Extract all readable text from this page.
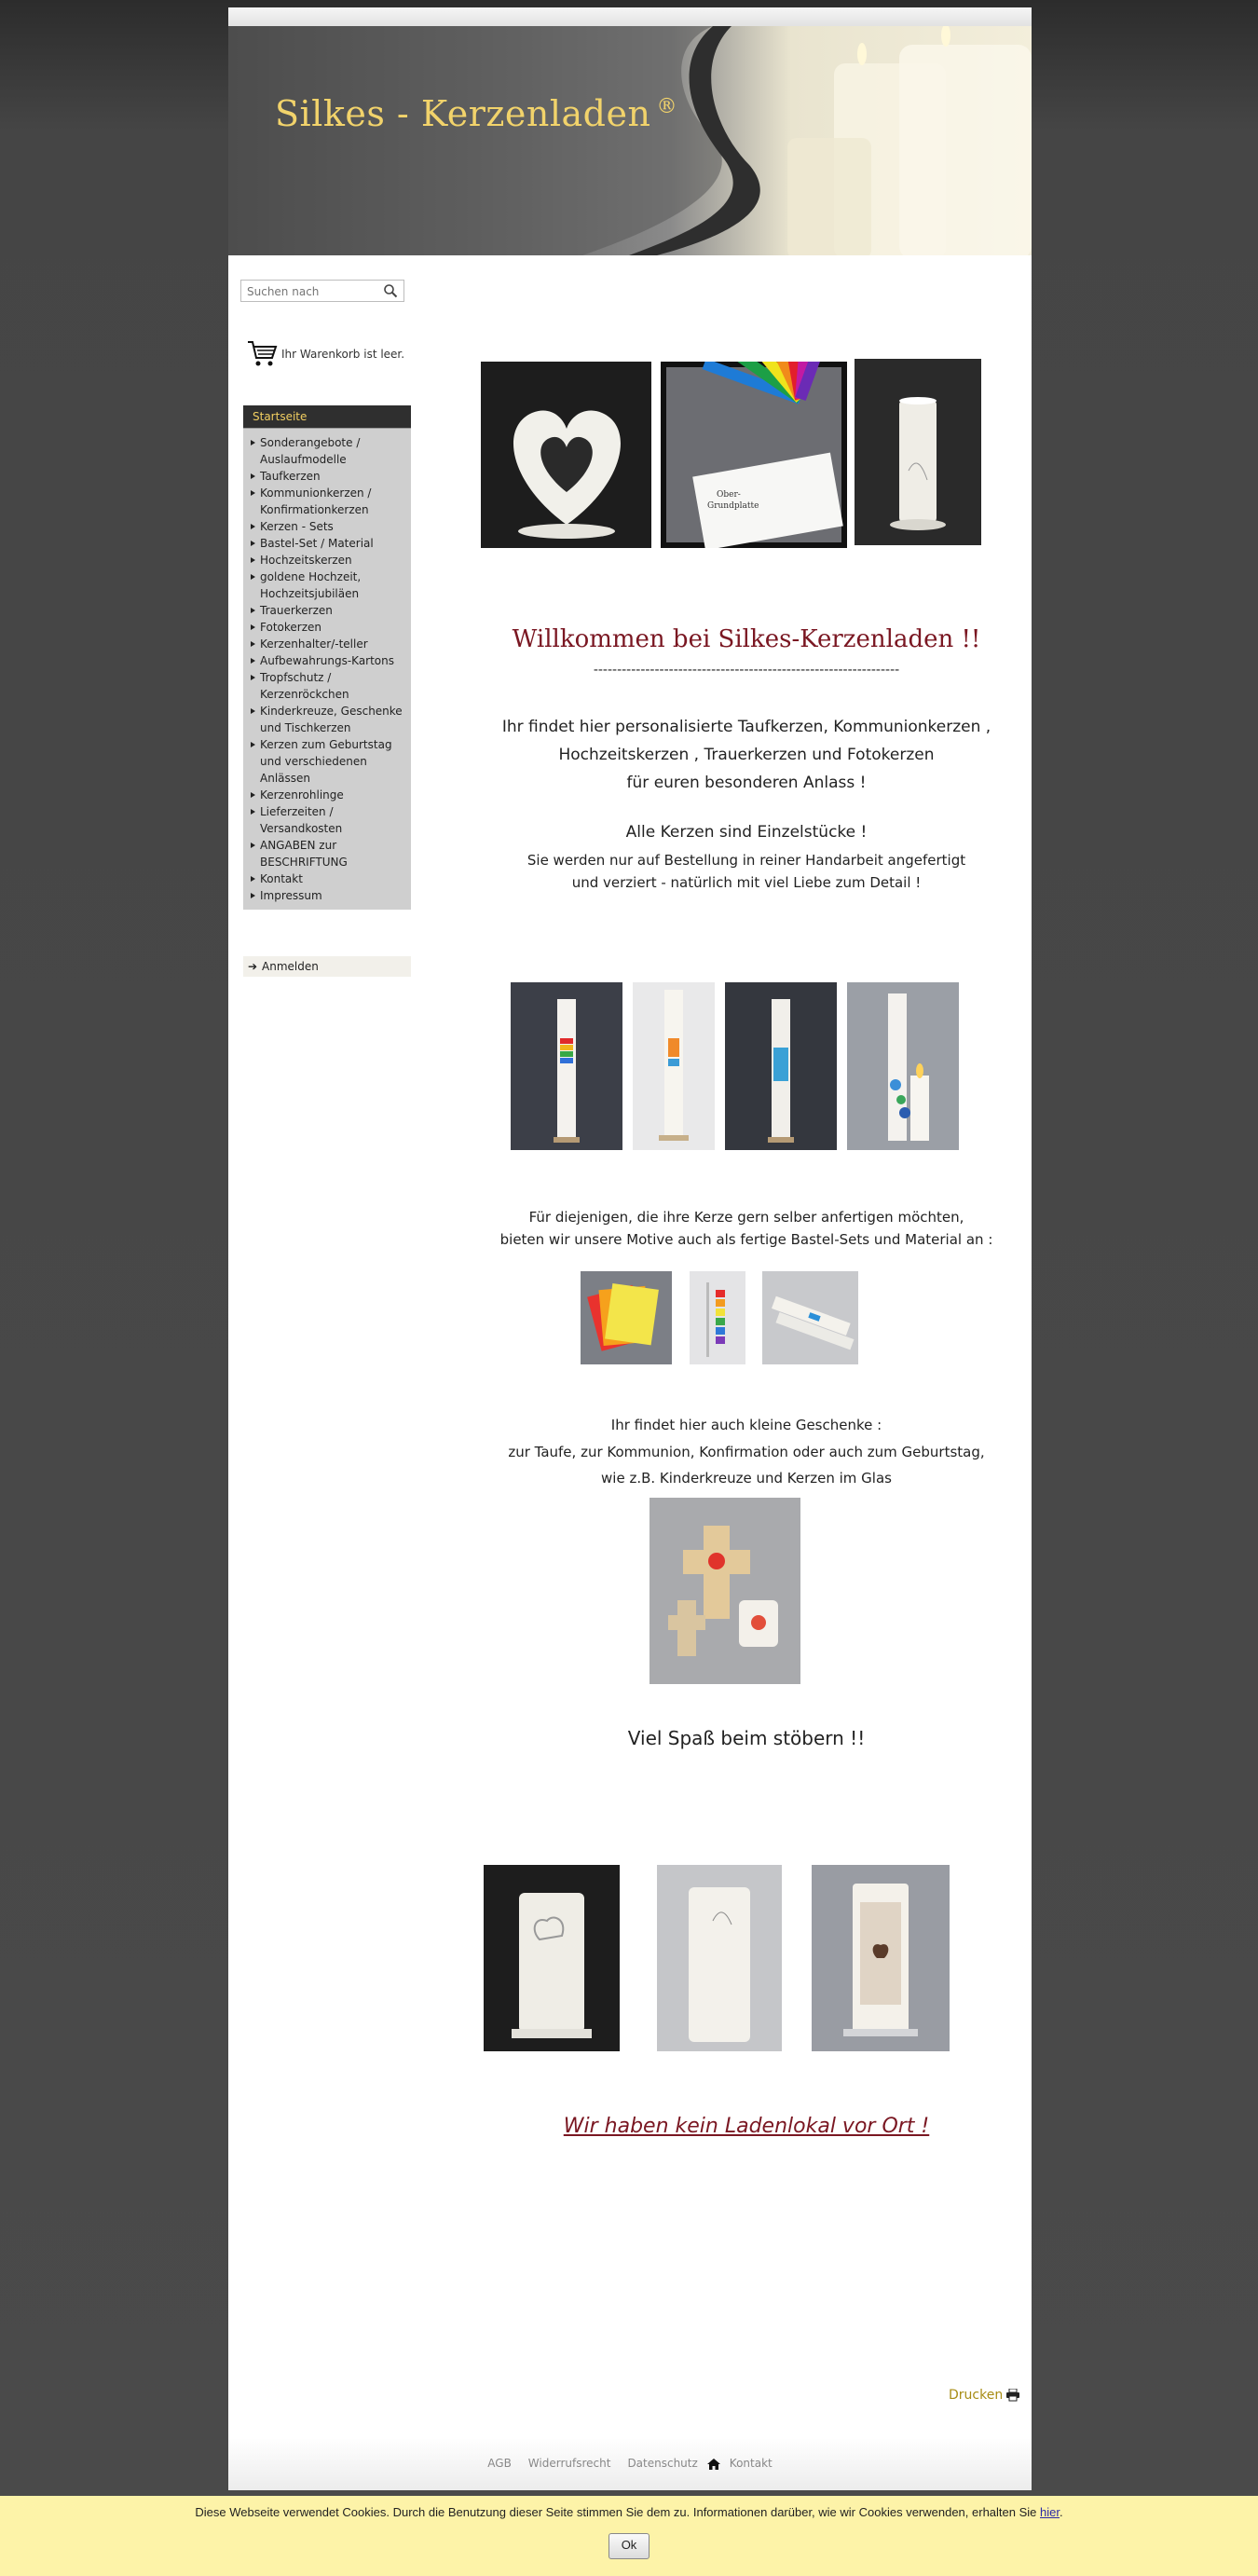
Silkes - Kerzenladen ®
Suchen nach
Ihr Warenkorb ist leer.
Startseite
Sonderangebote / Auslaufmodelle
Taufkerzen
Kommunionkerzen / Konfirmationkerzen
Kerzen - Sets
Bastel-Set / Material
Hochzeitskerzen
goldene Hochzeit, Hochzeitsjubiläen
Trauerkerzen
Fotokerzen
Kerzenhalter/-teller
Aufbewahrungs-Kartons
Tropfschutz / Kerzenröckchen
Kinderkreuze, Geschenke und Tischkerzen
Kerzen zum Geburtstag und verschiedenen Anlässen
Kerzenrohlinge
Lieferzeiten / Versandkosten
ANGABEN zur BESCHRIFTUNG
Kontakt
Impressum
➔ Anmelden
Ober-
Grundplatte
Willkommen bei Silkes-Kerzenladen !!
-----------------------------------------------------------------
Ihr findet hier personalisierte Taufkerzen, Kommunionkerzen ,
Hochzeitskerzen , Trauerkerzen und Fotokerzen
für euren besonderen Anlass !
Alle Kerzen sind Einzelstücke !
Sie werden nur auf Bestellung in reiner Handarbeit angefertigt
und verziert - natürlich mit viel Liebe zum Detail !
Für diejenigen, die ihre Kerze gern selber anfertigen möchten,
bieten wir unsere Motive auch als fertige Bastel-Sets und Material an :
Ihr findet hier auch kleine Geschenke :
zur Taufe, zur Kommunion, Konfirmation oder auch zum Geburtstag,
wie z.B. Kinderkreuze und Kerzen im Glas
Viel Spaß beim stöbern !!
Wir haben kein Ladenlokal vor Ort !
Drucken
AGB Widerrufsrecht Datenschutz	Kontakt
Diese Webseite verwendet Cookies. Durch die Benutzung dieser Seite stimmen Sie dem zu. Informationen darüber, wie wir Cookies verwenden, erhalten Sie hier.
Ok
